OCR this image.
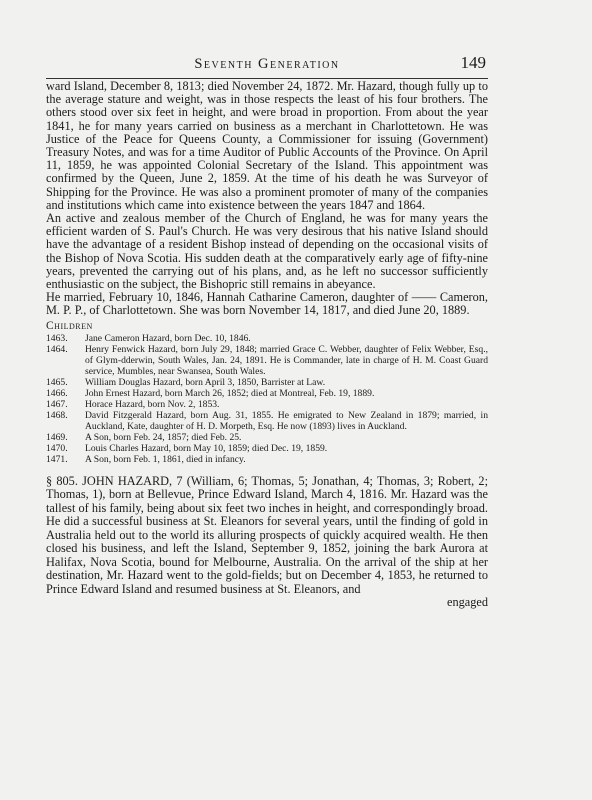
Seventh Generation	149

ward Island, December 8, 1813; died November 24, 1872. Mr. Hazard, though fully up to the average stature and weight, was in those respects the least of his four brothers. The others stood over six feet in height, and were broad in proportion. From about the year 1841, he for many years carried on business as a merchant in Charlottetown. He was Justice of the Peace for Queens County, a Commissioner for issuing (Government) Treasury Notes, and was for a time Auditor of Public Accounts of the Province. On April 11, 1859, he was appointed Colonial Secretary of the Island. This appointment was confirmed by the Queen, June 2, 1859. At the time of his death he was Surveyor of Shipping for the Province. He was also a prominent promoter of many of the companies and institutions which came into existence between the years 1847 and 1864.

An active and zealous member of the Church of England, he was for many years the efficient warden of S. Paul's Church. He was very desirous that his native Island should have the advantage of a resident Bishop instead of depending on the occasional visits of the Bishop of Nova Scotia. His sudden death at the comparatively early age of fifty-nine years, prevented the carrying out of his plans, and, as he left no successor sufficiently enthusiastic on the subject, the Bishopric still remains in abeyance.

He married, February 10, 1846, Hannah Catharine Cameron, daughter of —— Cameron, M. P. P., of Charlottetown. She was born November 14, 1817, and died June 20, 1889.

Children
1463.	Jane Cameron Hazard, born Dec. 10, 1846.
1464.	Henry Fenwick Hazard, born July 29, 1848; married Grace C. Webber, daughter of Felix Webber, Esq., of Glym-dderwin, South Wales, Jan. 24, 1891. He is Commander, late in charge of H. M. Coast Guard service, Mumbles, near Swansea, South Wales.
1465.	William Douglas Hazard, born April 3, 1850, Barrister at Law.
1466.	John Ernest Hazard, born March 26, 1852; died at Montreal, Feb. 19, 1889.
1467.	Horace Hazard, born Nov. 2, 1853.
1468.	David Fitzgerald Hazard, born Aug. 31, 1855. He emigrated to New Zealand in 1879; married, in Auckland, Kate, daughter of H. D. Morpeth, Esq. He now (1893) lives in Auckland.
1469.	A Son, born Feb. 24, 1857; died Feb. 25.
1470.	Louis Charles Hazard, born May 10, 1859; died Dec. 19, 1859.
1471.	A Son, born Feb. 1, 1861, died in infancy.

§ 805. JOHN HAZARD, 7 (William, 6; Thomas, 5; Jonathan, 4; Thomas, 3; Robert, 2; Thomas, 1), born at Bellevue, Prince Edward Island, March 4, 1816. Mr. Hazard was the tallest of his family, being about six feet two inches in height, and correspondingly broad. He did a successful business at St. Eleanors for several years, until the finding of gold in Australia held out to the world its alluring prospects of quickly acquired wealth. He then closed his business, and left the Island, September 9, 1852, joining the bark Aurora at Halifax, Nova Scotia, bound for Melbourne, Australia. On the arrival of the ship at her destination, Mr. Hazard went to the gold-fields; but on December 4, 1853, he returned to Prince Edward Island and resumed business at St. Eleanors, and

engaged
